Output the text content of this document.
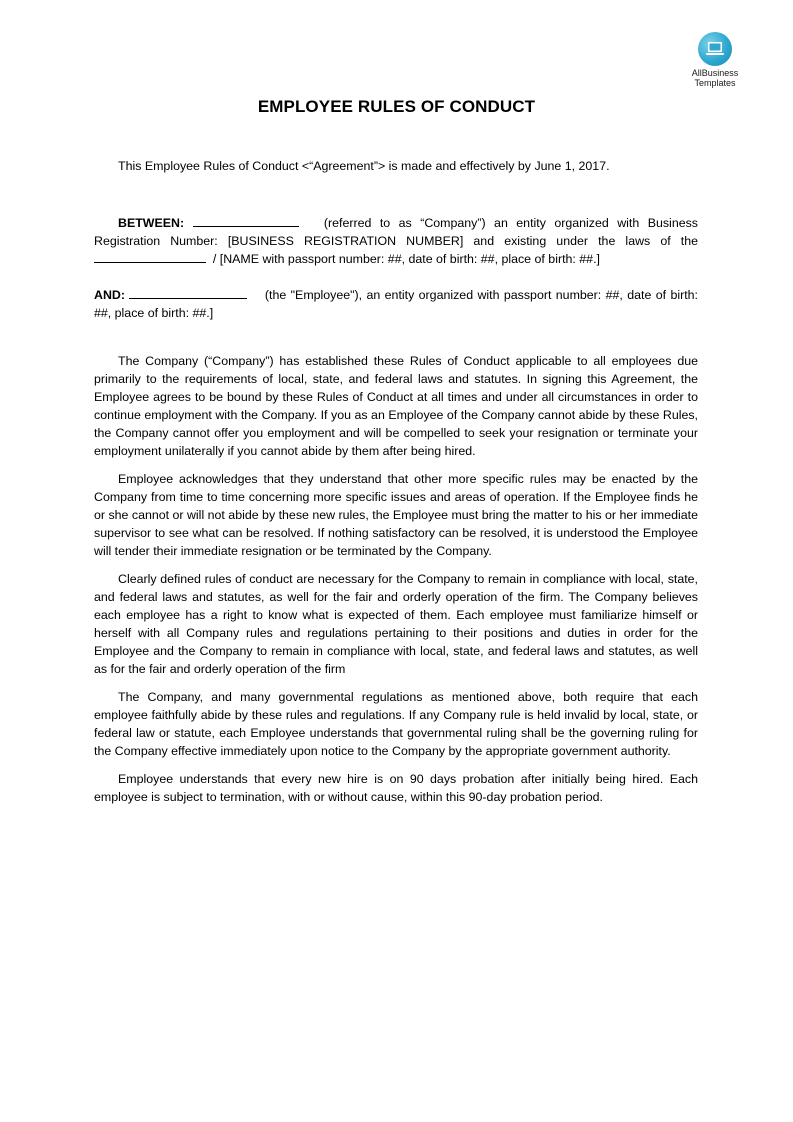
AllBusiness
Templates
EMPLOYEE RULES OF CONDUCT

This Employee Rules of Conduct <“Agreement”> is made and effectively by June 1, 2017.

BETWEEN:	(referred to as “Company”) an entity organized with Business Registration Number: [BUSINESS REGISTRATION NUMBER] and existing under the laws of the   / [NAME with passport number: ##, date of birth: ##, place of birth: ##.]

AND:	(the "Employee"), an entity organized with passport number: ##, date of birth: ##, place of birth: ##.]

The Company (“Company”) has established these Rules of Conduct applicable to all employees due primarily to the requirements of local, state, and federal laws and statutes. In signing this Agreement, the Employee agrees to be bound by these Rules of Conduct at all times and under all circumstances in order to continue employment with the Company. If you as an Employee of the Company cannot abide by these Rules, the Company cannot offer you employment and will be compelled to seek your resignation or terminate your employment unilaterally if you cannot abide by them after being hired.

Employee acknowledges that they understand that other more specific rules may be enacted by the Company from time to time concerning more specific issues and areas of operation. If the Employee finds he or she cannot or will not abide by these new rules, the Employee must bring the matter to his or her immediate supervisor to see what can be resolved. If nothing satisfactory can be resolved, it is understood the Employee will tender their immediate resignation or be terminated by the Company.

Clearly defined rules of conduct are necessary for the Company to remain in compliance with local, state, and federal laws and statutes, as well for the fair and orderly operation of the firm. The Company believes each employee has a right to know what is expected of them. Each employee must familiarize himself or herself with all Company rules and regulations pertaining to their positions and duties in order for the Employee and the Company to remain in compliance with local, state, and federal laws and statutes, as well as for the fair and orderly operation of the firm

The Company, and many governmental regulations as mentioned above, both require that each employee faithfully abide by these rules and regulations. If any Company rule is held invalid by local, state, or federal law or statute, each Employee understands that governmental ruling shall be the governing ruling for the Company effective immediately upon notice to the Company by the appropriate government authority.

Employee understands that every new hire is on 90 days probation after initially being hired. Each employee is subject to termination, with or without cause, within this 90-day probation period.
